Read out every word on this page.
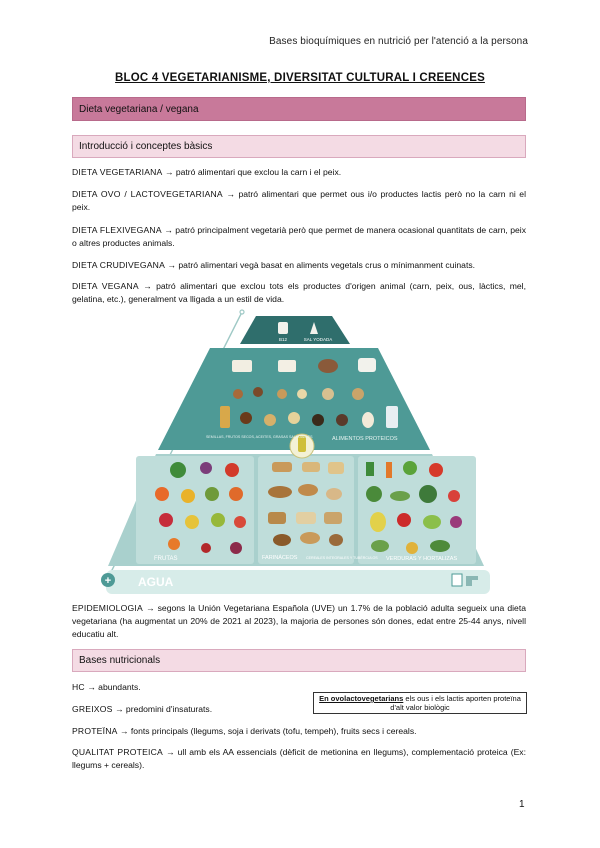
Bases bioquímiques en nutrició per l'atenció a la persona
BLOC 4 VEGETARIANISME, DIVERSITAT CULTURAL I CREENCES
Dieta vegetariana / vegana
Introducció i conceptes bàsics
DIETA VEGETARIANA → patró alimentari que exclou la carn i el peix.
DIETA OVO / LACTOVEGETARIANA → patró alimentari que permet ous i/o productes lactis però no la carn ni el peix.
DIETA FLEXIVEGANA → patró principalment vegetarià però que permet de manera ocasional quantitats de carn, peix o altres productes animals.
DIETA CRUDIVEGANA → patró alimentari vegà basat en aliments vegetals crus o mínimanment cuinats.
DIETA VEGANA → patró alimentari que exclou tots els productes d'origen animal (carn, peix, ous, làctics, mel, gelatina, etc.), generalment va lligada a un estil de vida.
+ AGUA
FRUTAS	FARINÁCEOS CEREALES INTEGRALES Y TUBÉRCULOS VERDURAS Y HORTALIZAS
SEMILLAS, FRUTOS SECOS, ACEITES, GRASAS SALUDABLES	ALIMENTOS PROTEICOS
B12	SAL YODADA
EPIDEMIOLOGIA → segons la Unión Vegetariana Española (UVE) un 1.7% de la població adulta segueix una dieta vegetariana (ha augmentat un 20% de 2021 al 2023), la majoria de persones són dones, edat entre 25-44 anys, nivell educatiu alt.
Bases nutricionals
HC → abundants.
GREIXOS → predomini d'insaturats.
PROTEÏNA → fonts principals (llegums, soja i derivats (tofu, tempeh), fruits secs i cereals.
QUALITAT PROTEICA → ull amb els AA essencials (dèficit de metionina en llegums), complementació proteica (Ex: llegums + cereals).
En ovolactovegetarians els ous i els lactis aporten proteïna d'alt valor biològic
1
